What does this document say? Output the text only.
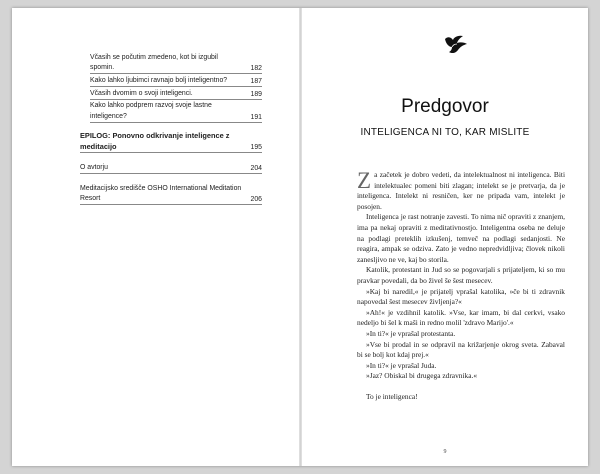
Včasih se počutim zmedeno, kot bi izgubil spomin.	182
Kako lahko ljubimci ravnajo bolj inteligentno?	187
Včasih dvomim o svoji inteligenci.	189
Kako lahko podprem razvoj svoje lastne inteligence?	191
EPILOG: Ponovno odkrivanje inteligence z meditacijo	195
O avtorju	204
Meditacijsko središče OSHO International Meditation Resort	206
Predgovor
INTELIGENCA NI TO, KAR MISLITE

Za začetek je dobro vedeti, da intelektualnost ni inteligenca. Biti intelektualec pomeni biti zlagan; intelekt se je pretvarja, da je inteligenca. Intelekt ni resničen, ker ne pripada vam, intelekt je posojen.

Inteligenca je rast notranje zavesti. To nima nič opraviti z znanjem, ima pa nekaj opraviti z meditativnostjo. Inteligentna oseba ne deluje na podlagi preteklih izkušenj, temveč na podlagi sedanjosti. Ne reagira, ampak se odziva. Zato je vedno nepredvidljiva; človek nikoli zanesljivo ne ve, kaj bo storila.

Katolik, protestant in Jud so se pogovarjali s prijateljem, ki so mu pravkar povedali, da bo živel še šest mesecev.

»Kaj bi naredil,« je prijatelj vprašal katolika, »če bi ti zdravnik napovedal šest mesecev življenja?«

»Ah!« je vzdihnil katolik. »Vse, kar imam, bi dal cerkvi, vsako nedeljo bi šel k maši in redno molil 'zdravo Marijo'.«

»In ti?« je vprašal protestanta.

»Vse bi prodal in se odpravil na križarjenje okrog sveta. Zabaval bi se bolj kot kdaj prej.«

»In ti?« je vprašal Juda.

»Jaz? Obiskal bi drugega zdravnika.«

To je inteligenca!

9
